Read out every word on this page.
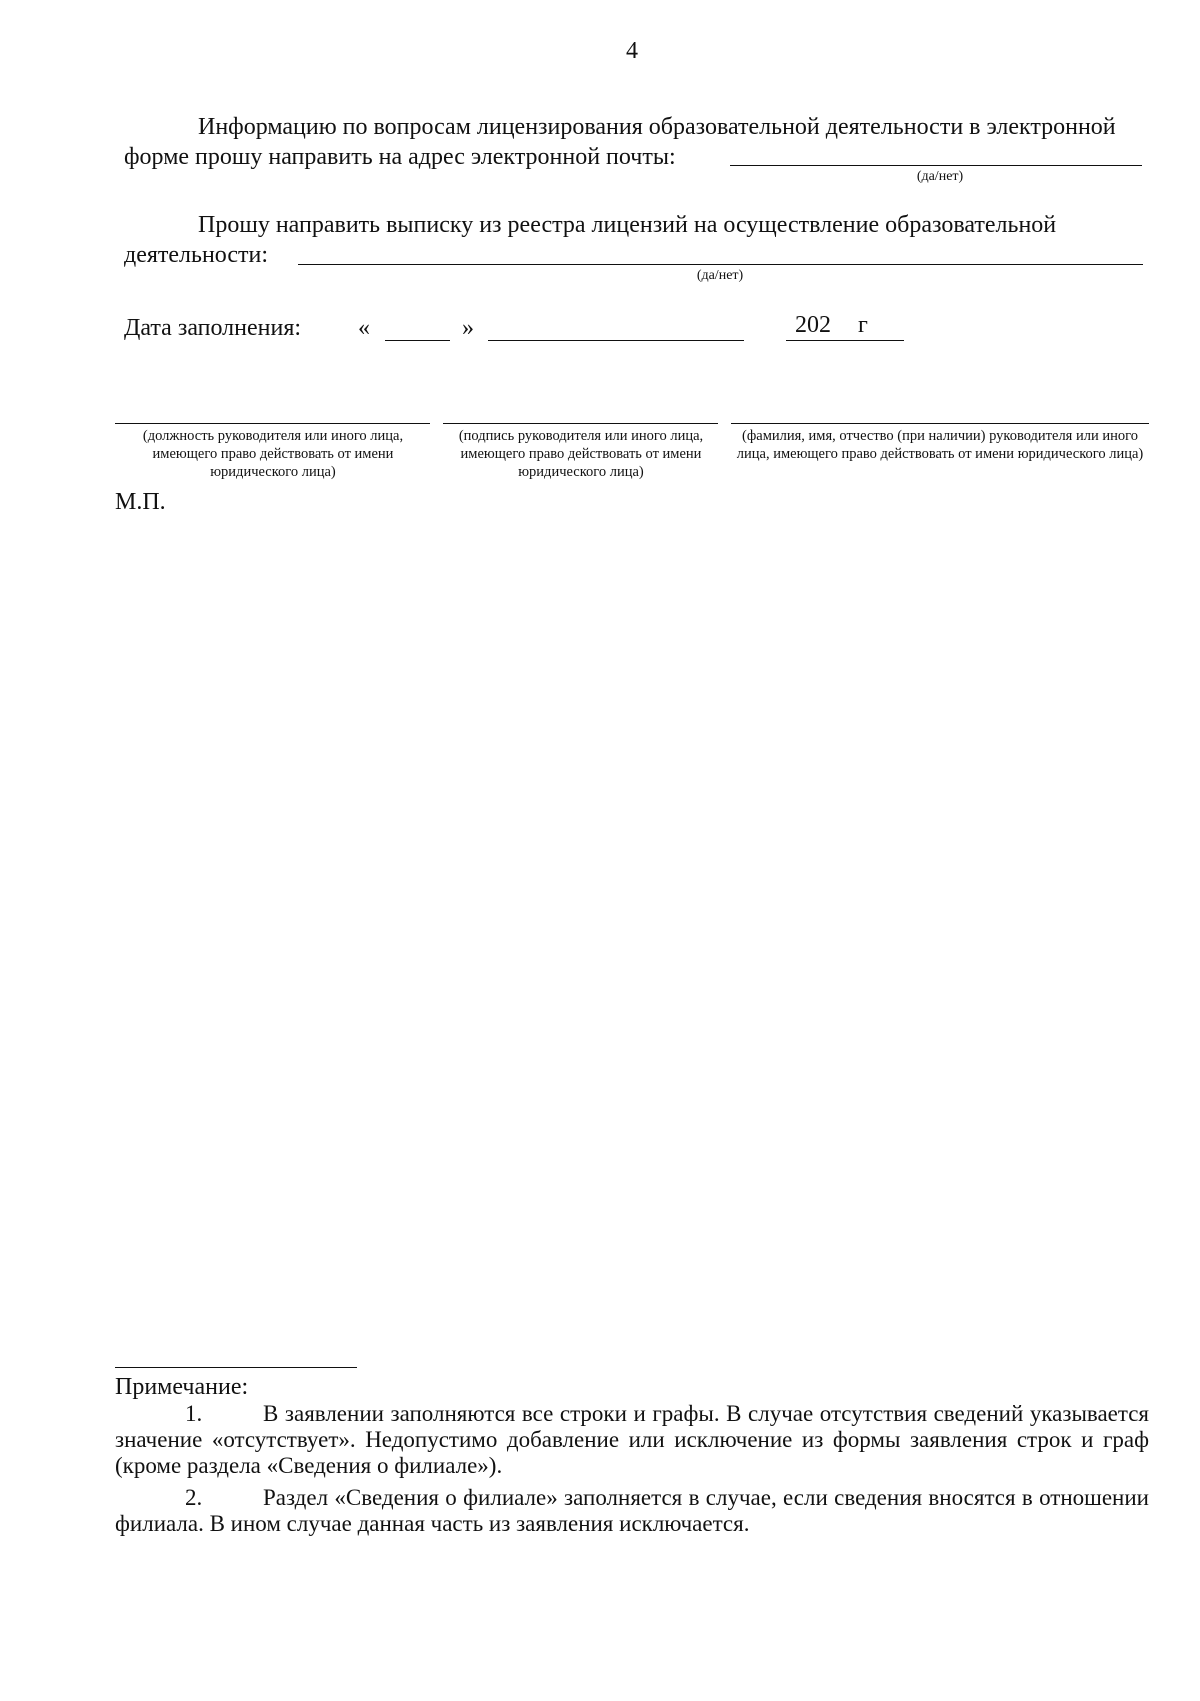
4
Информацию по вопросам лицензирования образовательной деятельности в электронной
форме прошу направить на адрес электронной почты:
(да/нет)
Прошу направить выписку из реестра лицензий на осуществление образовательной
деятельности:
(да/нет)
Дата заполнения:	«	»	202	г
(должность руководителя или иного лица, имеющего право действовать от имени юридического лица)
(подпись руководителя или иного лица, имеющего право действовать от имени юридического лица)
(фамилия, имя, отчество (при наличии) руководителя или иного лица, имеющего право действовать от имени юридического лица)
М.П.
Примечание:
1.	В заявлении заполняются все строки и графы. В случае отсутствия сведений указывается значение «отсутствует». Недопустимо добавление или исключение из формы заявления строк и граф (кроме раздела «Сведения о филиале»).
2.	Раздел «Сведения о филиале» заполняется в случае, если сведения вносятся в отношении филиала. В ином случае данная часть из заявления исключается.
